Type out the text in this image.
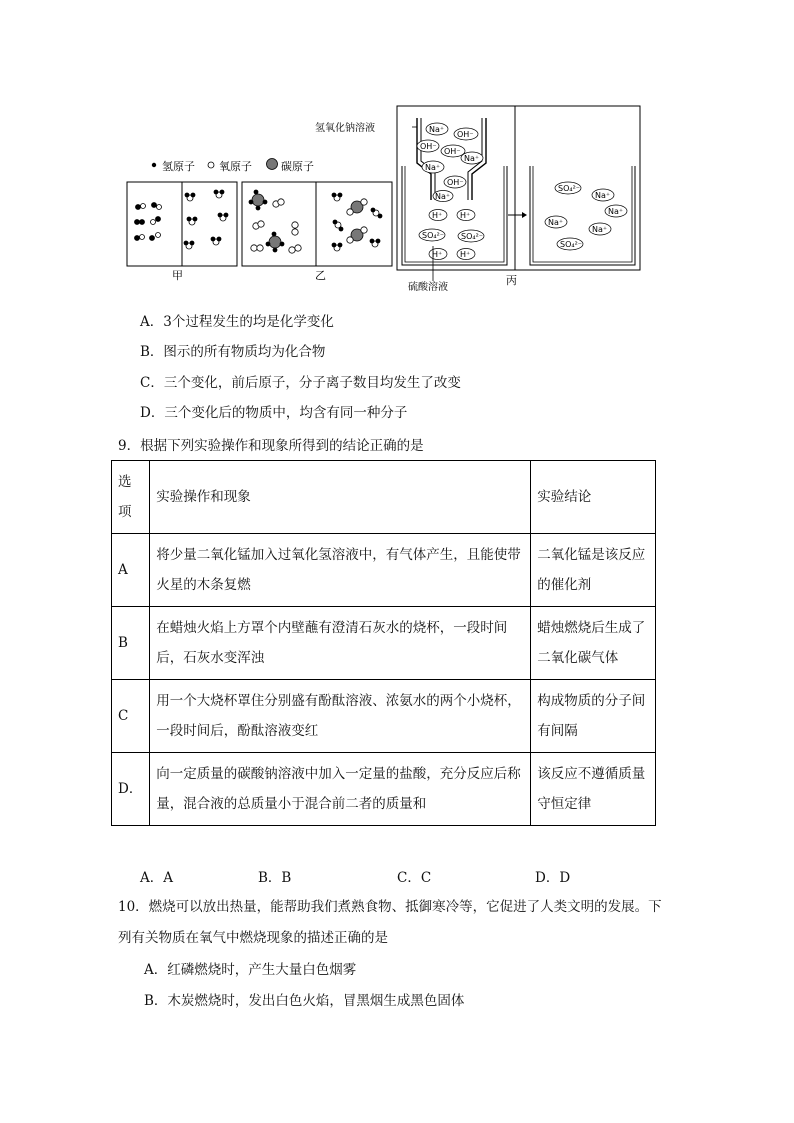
氢原子 氧原子	碳原子
甲	乙
氢氧化钠溶液	Na⁺
OH⁻
OH⁻
OH⁻
Na⁺
Na⁺
OH⁻
Na⁺
H⁺ H⁺
SO₄²⁻ SO₄²⁻
H⁺ H⁺
硫酸溶液
SO₄²⁻
Na⁺
Na⁺
Na⁺
Na⁺
SO₄²⁻
丙
A．3个过程发生的均是化学变化
B．图示的所有物质均为化合物
C．三个变化，前后原子，分子离子数目均发生了改变
D．三个变化后的物质中，均含有同一种分子
9．根据下列实验操作和现象所得到的结论正确的是
选项	实验操作和现象	实验结论
A	将少量二氧化锰加入过氧化氢溶液中，有气体产生，且能使带火星的木条复燃	二氧化锰是该反应的催化剂
B	在蜡烛火焰上方罩个内壁蘸有澄清石灰水的烧杯，一段时间后，石灰水变浑浊	蜡烛燃烧后生成了二氧化碳气体
C	用一个大烧杯罩住分别盛有酚酞溶液、浓氨水的两个小烧杯，一段时间后，酚酞溶液变红	构成物质的分子间有间隔
D．	向一定质量的碳酸钠溶液中加入一定量的盐酸，充分反应后称量，混合液的总质量小于混合前二者的质量和	该反应不遵循质量守恒定律
A．A	B．B	C．C	D．D
10．燃烧可以放出热量，能帮助我们煮熟食物、抵御寒冷等，它促进了人类文明的发展。下
列有关物质在氧气中燃烧现象的描述正确的是
A．红磷燃烧时，产生大量白色烟雾
B．木炭燃烧时，发出白色火焰，冒黑烟生成黑色固体
